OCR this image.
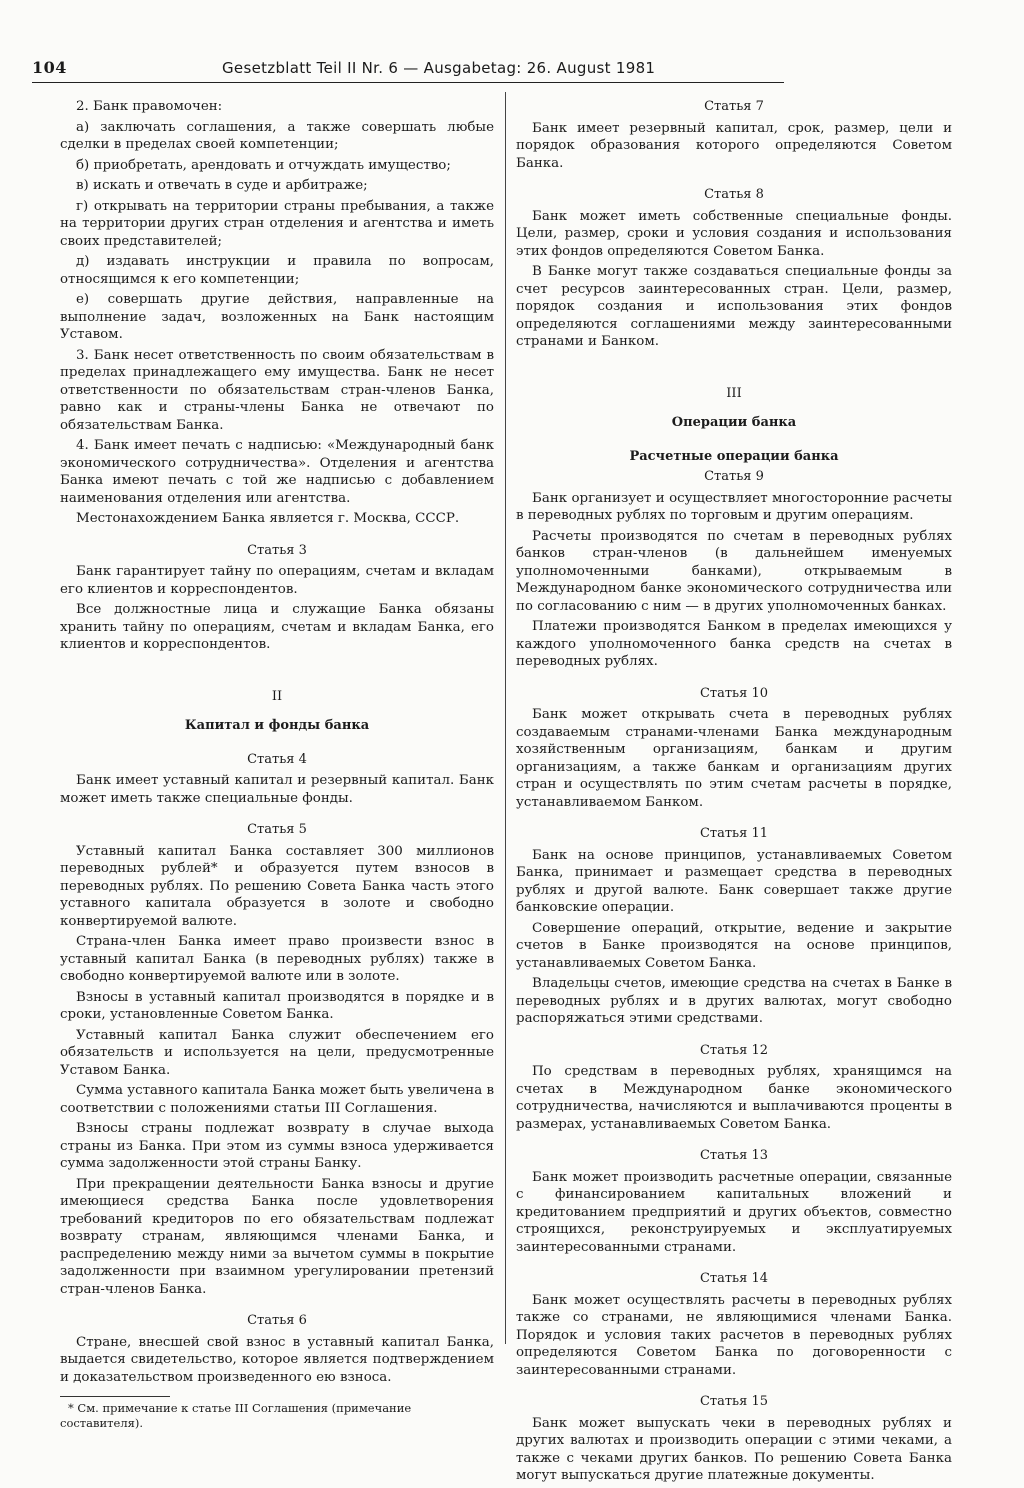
104	Gesetzblatt Teil II Nr. 6 — Ausgabetag: 26. August 1981

2. Банк правомочен:

а) заключать соглашения, а также совершать любые сделки в пределах своей компетенции;

б) приобретать, арендовать и отчуждать имущество;

в) искать и отвечать в суде и арбитраже;

г) открывать на территории страны пребывания, а также на территории других стран отделения и агентства и иметь своих представителей;

д) издавать инструкции и правила по вопросам, относящимся к его компетенции;

е) совершать другие действия, направленные на выполнение задач, возложенных на Банк настоящим Уставом.

3. Банк несет ответственность по своим обязательствам в пределах принадлежащего ему имущества. Банк не несет ответственности по обязательствам стран-членов Банка, равно как и страны-члены Банка не отвечают по обязательствам Банка.

4. Банк имеет печать с надписью: «Международный банк экономического сотрудничества». Отделения и агентства Банка имеют печать с той же надписью с добавлением наименования отделения или агентства.

Местонахождением Банка является г. Москва, СССР.

Статья 3

Банк гарантирует тайну по операциям, счетам и вкладам его клиентов и корреспондентов.

Все должностные лица и служащие Банка обязаны хранить тайну по операциям, счетам и вкладам Банка, его клиентов и корреспондентов.

II

Капитал и фонды банка

Статья 4

Банк имеет уставный капитал и резервный капитал. Банк может иметь также специальные фонды.

Статья 5

Уставный капитал Банка составляет 300 миллионов переводных рублей* и образуется путем взносов в переводных рублях. По решению Совета Банка часть этого уставного капитала образуется в золоте и свободно конвертируемой валюте.

Страна-член Банка имеет право произвести взнос в уставный капитал Банка (в переводных рублях) также в свободно конвертируемой валюте или в золоте.

Взносы в уставный капитал производятся в порядке и в сроки, установленные Советом Банка.

Уставный капитал Банка служит обеспечением его обязательств и используется на цели, предусмотренные Уставом Банка.

Сумма уставного капитала Банка может быть увеличена в соответствии с положениями статьи III Соглашения.

Взносы страны подлежат возврату в случае выхода страны из Банка. При этом из суммы взноса удерживается сумма задолженности этой страны Банку.

При прекращении деятельности Банка взносы и другие имеющиеся средства Банка после удовлетворения требований кредиторов по его обязательствам подлежат возврату странам, являющимся членами Банка, и распределению между ними за вычетом суммы в покрытие задолженности при взаимном урегулировании претензий стран-членов Банка.

Статья 6

Стране, внесшей свой взнос в уставный капитал Банка, выдается свидетельство, которое является подтверждением и доказательством произведенного ею взноса.

* См. примечание к статье III Соглашения (примечание составителя).

Статья 7

Банк имеет резервный капитал, срок, размер, цели и порядок образования которого определяются Советом Банка.

Статья 8

Банк может иметь собственные специальные фонды. Цели, размер, сроки и условия создания и использования этих фондов определяются Советом Банка.

В Банке могут также создаваться специальные фонды за счет ресурсов заинтересованных стран. Цели, размер, порядок создания и использования этих фондов определяются соглашениями между заинтересованными странами и Банком.

III

Операции банка

Расчетные операции банка

Статья 9

Банк организует и осуществляет многосторонние расчеты в переводных рублях по торговым и другим операциям.

Расчеты производятся по счетам в переводных рублях банков стран-членов (в дальнейшем именуемых уполномоченными банками), открываемым в Международном банке экономического сотрудничества или по согласованию с ним — в других уполномоченных банках.

Платежи производятся Банком в пределах имеющихся у каждого уполномоченного банка средств на счетах в переводных рублях.

Статья 10

Банк может открывать счета в переводных рублях создаваемым странами-членами Банка международным хозяйственным организациям, банкам и другим организациям, а также банкам и организациям других стран и осуществлять по этим счетам расчеты в порядке, устанавливаемом Банком.

Статья 11

Банк на основе принципов, устанавливаемых Советом Банка, принимает и размещает средства в переводных рублях и другой валюте. Банк совершает также другие банковские операции.

Совершение операций, открытие, ведение и закрытие счетов в Банке производятся на основе принципов, устанавливаемых Советом Банка.

Владельцы счетов, имеющие средства на счетах в Банке в переводных рублях и в других валютах, могут свободно распоряжаться этими средствами.

Статья 12

По средствам в переводных рублях, хранящимся на счетах в Международном банке экономического сотрудничества, начисляются и выплачиваются проценты в размерах, устанавливаемых Советом Банка.

Статья 13

Банк может производить расчетные операции, связанные с финансированием капитальных вложений и кредитованием предприятий и других объектов, совместно строящихся, реконструируемых и эксплуатируемых заинтересованными странами.

Статья 14

Банк может осуществлять расчеты в переводных рублях также со странами, не являющимися членами Банка. Порядок и условия таких расчетов в переводных рублях определяются Советом Банка по договоренности с заинтересованными странами.

Статья 15

Банк может выпускать чеки в переводных рублях и других валютах и производить операции с этими чеками, а также с чеками других банков. По решению Совета Банка могут выпускаться другие платежные документы.
